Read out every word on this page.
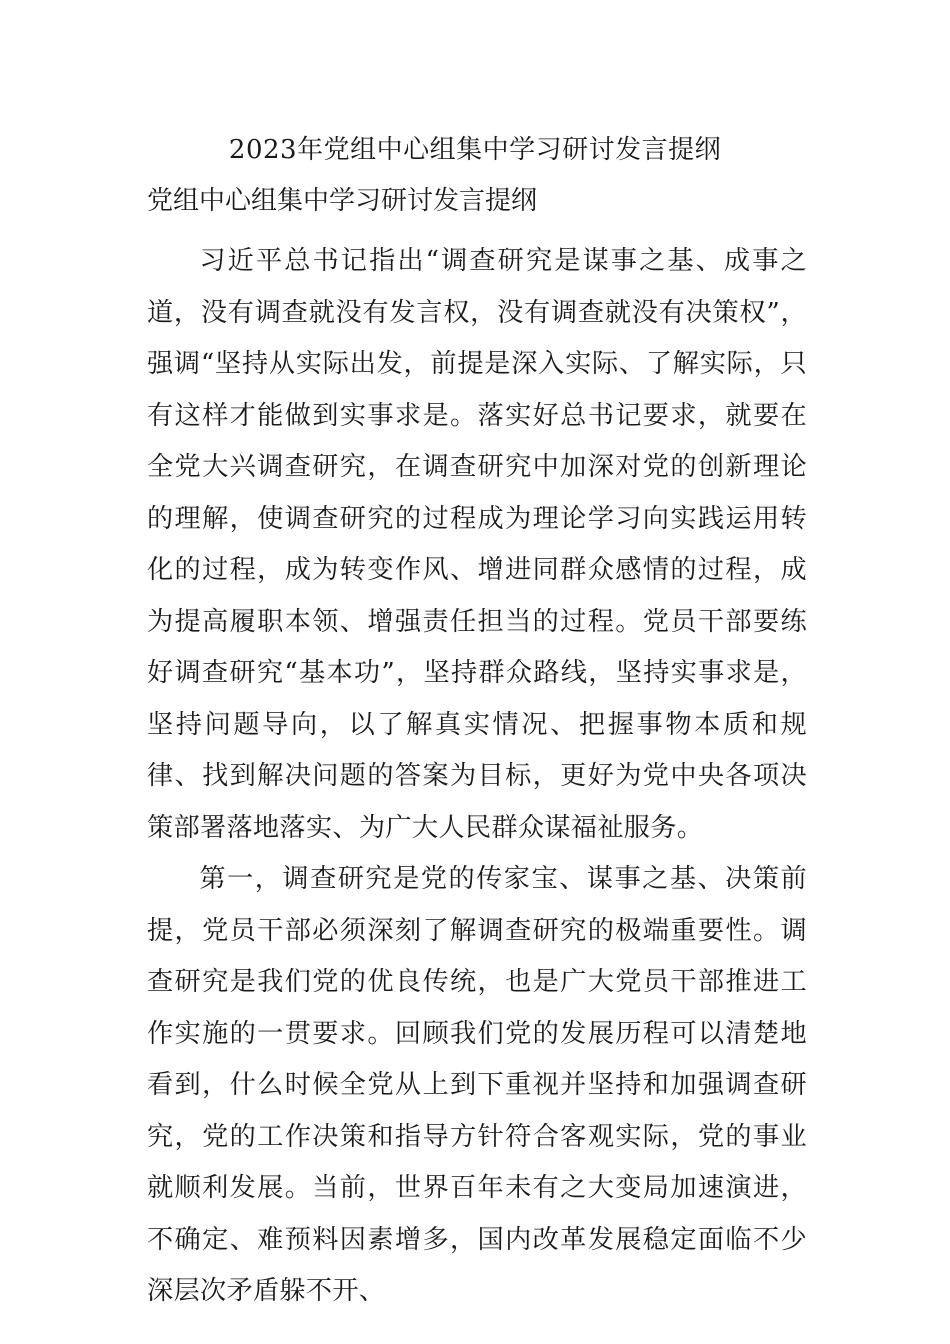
2023年党组中心组集中学习研讨发言提纲
党组中心组集中学习研讨发言提纲

习近平总书记指出“调查研究是谋事之基、成事之道，没有调查就没有发言权，没有调查就没有决策权”，强调“坚持从实际出发，前提是深入实际、了解实际，只有这样才能做到实事求是。落实好总书记要求，就要在全党大兴调查研究，在调查研究中加深对党的创新理论的理解，使调查研究的过程成为理论学习向实践运用转化的过程，成为转变作风、增进同群众感情的过程，成为提高履职本领、增强责任担当的过程。党员干部要练好调查研究“基本功”，坚持群众路线，坚持实事求是，坚持问题导向，以了解真实情况、把握事物本质和规律、找到解决问题的答案为目标，更好为党中央各项决策部署落地落实、为广大人民群众谋福祉服务。

第一，调查研究是党的传家宝、谋事之基、决策前提，党员干部必须深刻了解调查研究的极端重要性。调查研究是我们党的优良传统，也是广大党员干部推进工作实施的一贯要求。回顾我们党的发展历程可以清楚地看到，什么时候全党从上到下重视并坚持和加强调查研究，党的工作决策和指导方针符合客观实际，党的事业就顺利发展。当前，世界百年未有之大变局加速演进，不确定、难预料因素增多，国内改革发展稳定面临不少深层次矛盾躲不开、
